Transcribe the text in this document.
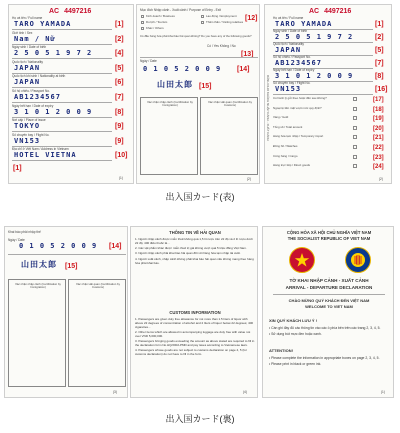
AC 4497216
Họ và tên / Full name
TARO YAMADA	[1]
Giới tính / Sex
Nam / Nữ	[2]
Ngày sinh / Date of birth
2 5 0 5 1 9 7 2	[4]
Quốc tịch / Nationality
JAPAN	[5]
Quốc tịch khi sinh / Nationality at birth
JAPAN	[6]
Số hộ chiếu / Passport No.
AB1234567	[7]
Ngày hết hạn / Date of expiry
3 1 0 1 2 0 0 9	[8]
Nơi cấp / Place of issue
TOKYO	[9]
Số chuyến bay / Flight No.
VN153	[9]
Địa chỉ ở Việt Nam / Address in Vietnam
HOTEL VIETNA	[10]
[1]
(1)
Mục đích Nhập cảnh - Xuất cảnh / Purpose of Entry - Exit
[12]
Kinh doanh / Business	Lao động / Employment
Du lịch / Tourism	Thăm thân / Visiting relatives
Khác / Others
Có đầu hàng hóa phải khai báo hải quan không? Do you have any of the following goods?
Có / Yes Không / No
[13]
Ngày / Date
0 1 0 5 2 0 0 9 [14]
山田太郎 [15]
Xác nhận nhập cảnh (Certification by Immigration)
Xác nhận Hải quan (Certification by Customs)
(2)
AC 4497216
Họ và tên / Full name
TARO YAMADA	[1]
Ngày sinh / Date of birth
2 5 0 5 1 9 7 2	[2]
Quốc tịch / Nationality
JAPAN	[5]
Số hộ chiếu / Passport No.
AB1234567	[7]
Ngày hết hạn / Date of expiry
3 1 0 1 2 0 0 9	[8]
Số chuyến bay / Flight No.
VN153	[16]
Có hành lý gửi theo hoặc đến sau không?	[17]
Ngoại tệ tiền mặt vượt mức quy định?	[18]
Vàng / Gold	[19]
Tổng số / Total amount	[20]
Hàng hóa tạm nhập / Temporary import	[21]
Đồng hồ / Watches	[22]
Công hàng / Cargo	[23]
Hàng trực tiếp / Direct goods	[24]
DÀNH CHO KHÁCH NHẬP CẢNH - XUẤT CẢNH
(2)
出入国カード(表)
Khai báo phải nhập thế
Ngày / Date
0 1 0 5 2 0 0 9 [14]
山田太郎 [15]
Xác nhận nhập cảnh (Certification by Immigration)
Xác nhận Hải quan (Certification by Customs)
(3)
THÔNG TIN VỀ HẢI QUAN
1. Người nhập cảnh được miễn thuế không quá 1,5 lít rượu trên 22 độ và 2 lít rượu dưới 22 độ; 400 điếu thuốc lá...
2. Các vật phẩm khác được miễn thuế trị giá không vượt quá 5 triệu đồng Việt Nam.
3. Người nhập cảnh phải khai báo hải quan đối với hàng hóa tạm nhập tái xuất.
4. Người xuất cảnh, nhập cảnh không phải khai báo hải quan nếu không mang theo hàng hóa phải khai báo.
CUSTOMS INFORMATION
1. Passengers are given duty free allowance for not more than 1.5 liters of liquor with above 22 degrees of concentration of alcohol and 2 liters of liquor below 22 degrees; 400 cigarettes...
2. Other items which are allowed in accompanying luggage are duty free with value not over VND 5,000,000.
3. Passengers bringing goods exceeding the amount as above stated are required to fill in the declaration form No.HQ/2002-PMD and pay taxes according to Vietnamese laws.
4. Passengers whose goods are not subject to customs declaration on page 4, 5 (for customs declaration) do not have to fill in the form.
(4)
CỘNG HÒA XÃ HỘI CHỦ NGHĨA VIỆT NAM
THE SOCIALIST REPUBLIC OF VIET NAM
TỜ KHAI NHẬP CẢNH - XUẤT CẢNH
ARRIVAL - DEPARTURE DECLARATION
CHÀO MỪNG QUÝ KHÁCH ĐẾN VIỆT NAM
WELCOME TO VIET NAM
XIN QUÝ KHÁCH LƯU Ý !
• Cần ghi đầy đủ các thông tin vào các ô phía bên trên các trang 2, 3, 4, 5.
• Sử dụng bút mực đen hoặc xanh.
ATTENTION!
• Please complete the information in appropriate boxes on page 2, 3, 4, 5.
• Please print in black or green ink.
(1)
出入国カード(裏)
